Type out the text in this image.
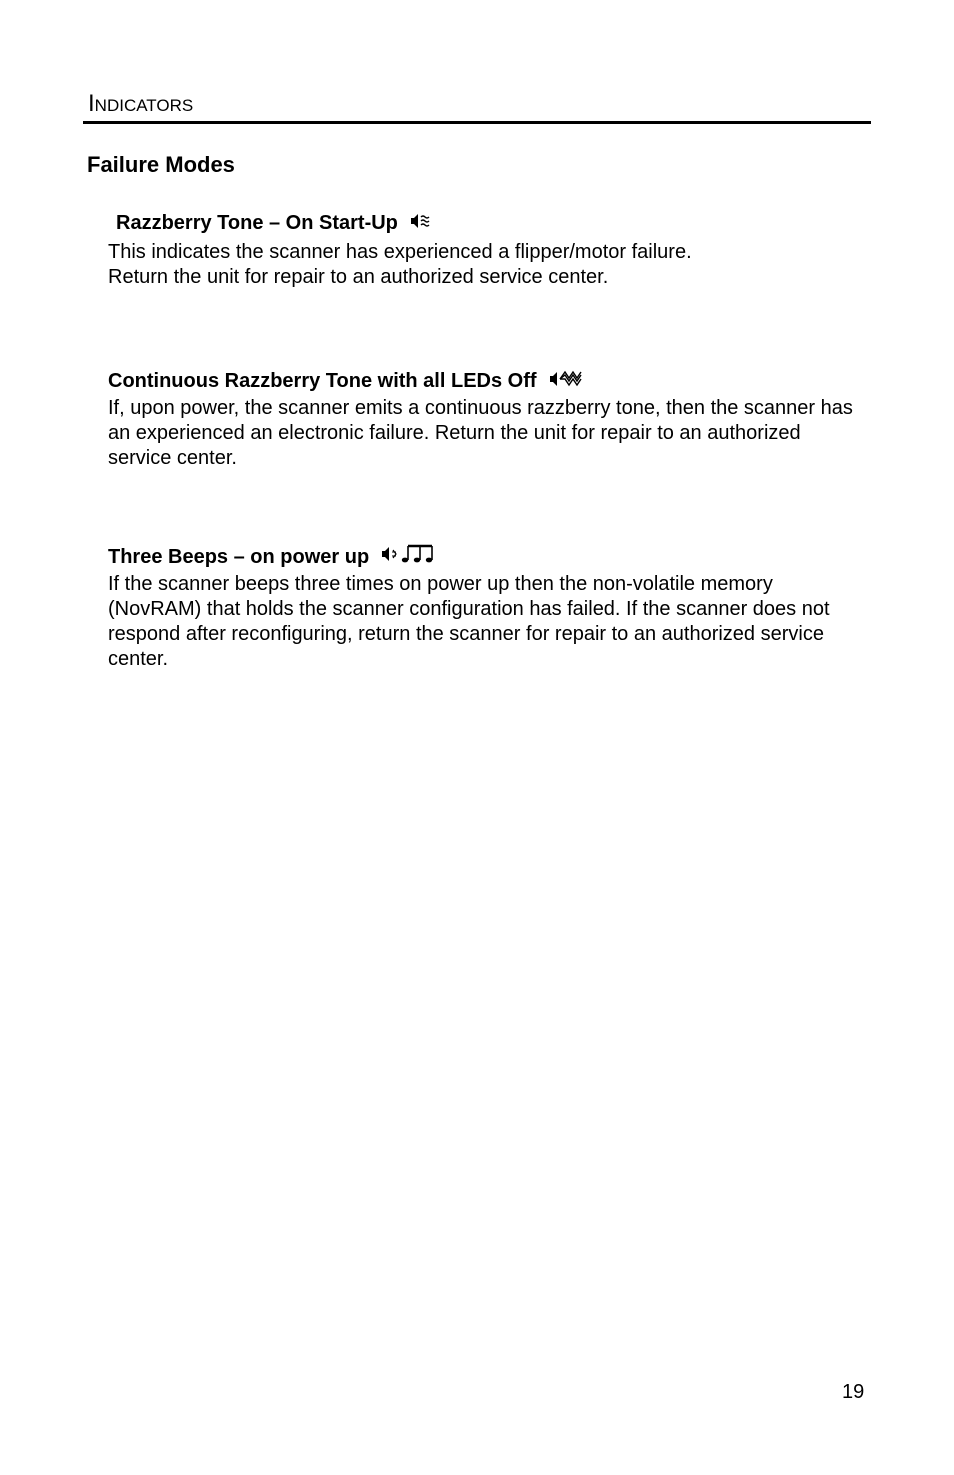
Indicators
Failure Modes
Razzberry Tone – On Start-Up
This indicates the scanner has experienced a flipper/motor failure.
Return the unit for repair to an authorized service center.
Continuous Razzberry Tone with all LEDs Off
If, upon power, the scanner emits a continuous razzberry tone, then the scanner has an experienced an electronic failure. Return the unit for repair to an authorized service center.
Three Beeps – on power up
If the scanner beeps three times on power up then the non-volatile memory (NovRAM) that holds the scanner configuration has failed. If the scanner does not respond after reconfiguring, return the scanner for repair to an authorized service center.
19
